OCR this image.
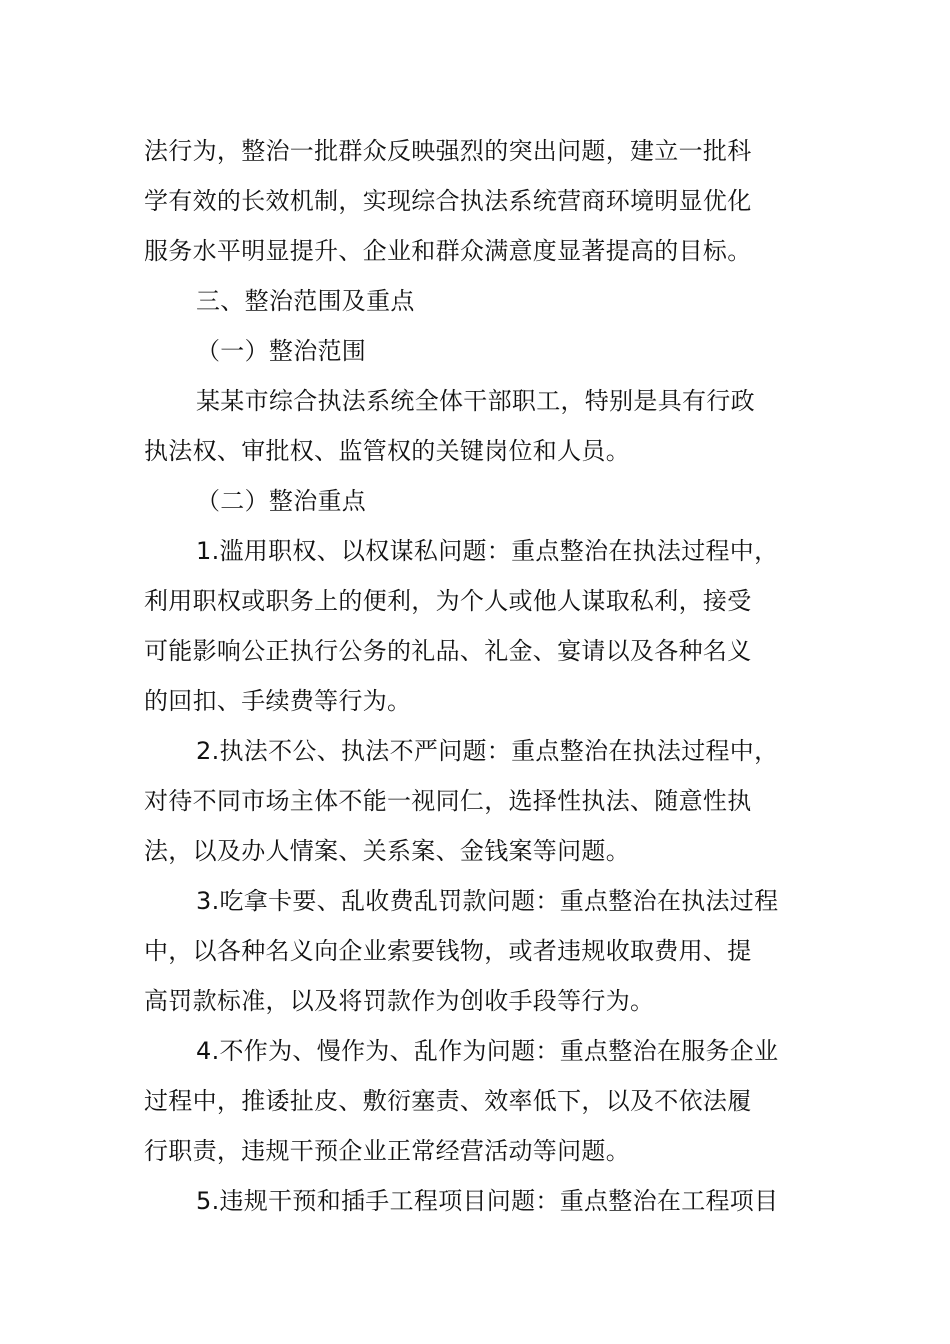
法行为，整治一批群众反映强烈的突出问题，建立一批科
学有效的长效机制，实现综合执法系统营商环境明显优化
服务水平明显提升、企业和群众满意度显著提高的目标。
三、整治范围及重点
（一）整治范围
某某市综合执法系统全体干部职工，特别是具有行政
执法权、审批权、监管权的关键岗位和人员。
（二）整治重点
1.滥用职权、以权谋私问题：重点整治在执法过程中，
利用职权或职务上的便利，为个人或他人谋取私利，接受
可能影响公正执行公务的礼品、礼金、宴请以及各种名义
的回扣、手续费等行为。
2.执法不公、执法不严问题：重点整治在执法过程中，
对待不同市场主体不能一视同仁，选择性执法、随意性执
法，以及办人情案、关系案、金钱案等问题。
3.吃拿卡要、乱收费乱罚款问题：重点整治在执法过程
中，以各种名义向企业索要钱物，或者违规收取费用、提
高罚款标准，以及将罚款作为创收手段等行为。
4.不作为、慢作为、乱作为问题：重点整治在服务企业
过程中，推诿扯皮、敷衍塞责、效率低下，以及不依法履
行职责，违规干预企业正常经营活动等问题。
5.违规干预和插手工程项目问题：重点整治在工程项目
